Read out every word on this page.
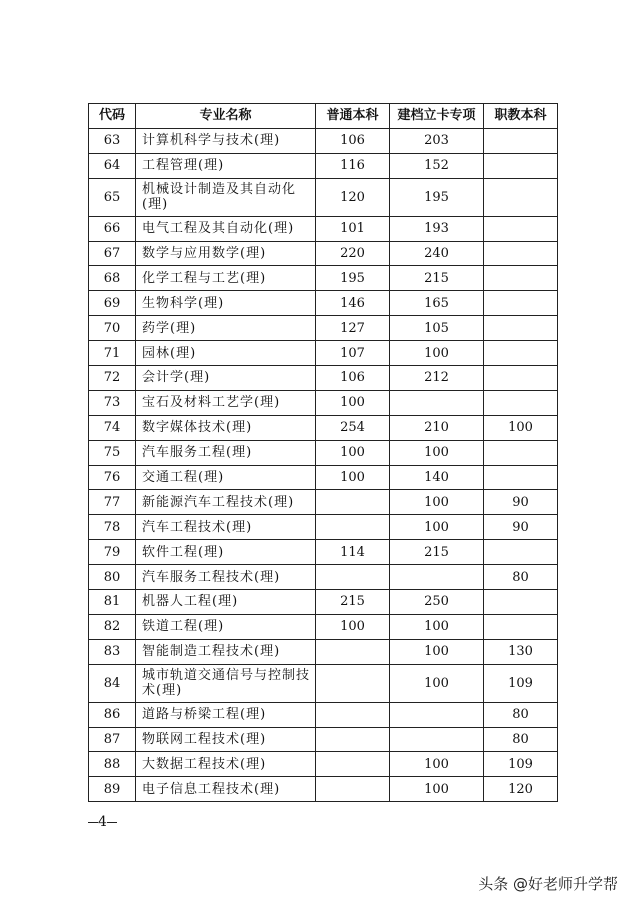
代码	专业名称	普通本科	建档立卡专项	职教本科
63	计算机科学与技术(理)	106	203	
64	工程管理(理)	116	152	
65	机械设计制造及其自动化(理)	120	195	
66	电气工程及其自动化(理)	101	193	
67	数学与应用数学(理)	220	240	
68	化学工程与工艺(理)	195	215	
69	生物科学(理)	146	165	
70	药学(理)	127	105	
71	园林(理)	107	100	
72	会计学(理)	106	212	
73	宝石及材料工艺学(理)	100		
74	数字媒体技术(理)	254	210	100
75	汽车服务工程(理)	100	100	
76	交通工程(理)	100	140	
77	新能源汽车工程技术(理)		100	90
78	汽车工程技术(理)		100	90
79	软件工程(理)	114	215	
80	汽车服务工程技术(理)			80
81	机器人工程(理)	215	250	
82	铁道工程(理)	100	100	
83	智能制造工程技术(理)		100	130
84	城市轨道交通信号与控制技术(理)		100	109
86	道路与桥梁工程(理)			80
87	物联网工程技术(理)			80
88	大数据工程技术(理)		100	109
89	电子信息工程技术(理)		100	120
4
头条 @好老师升学帮
